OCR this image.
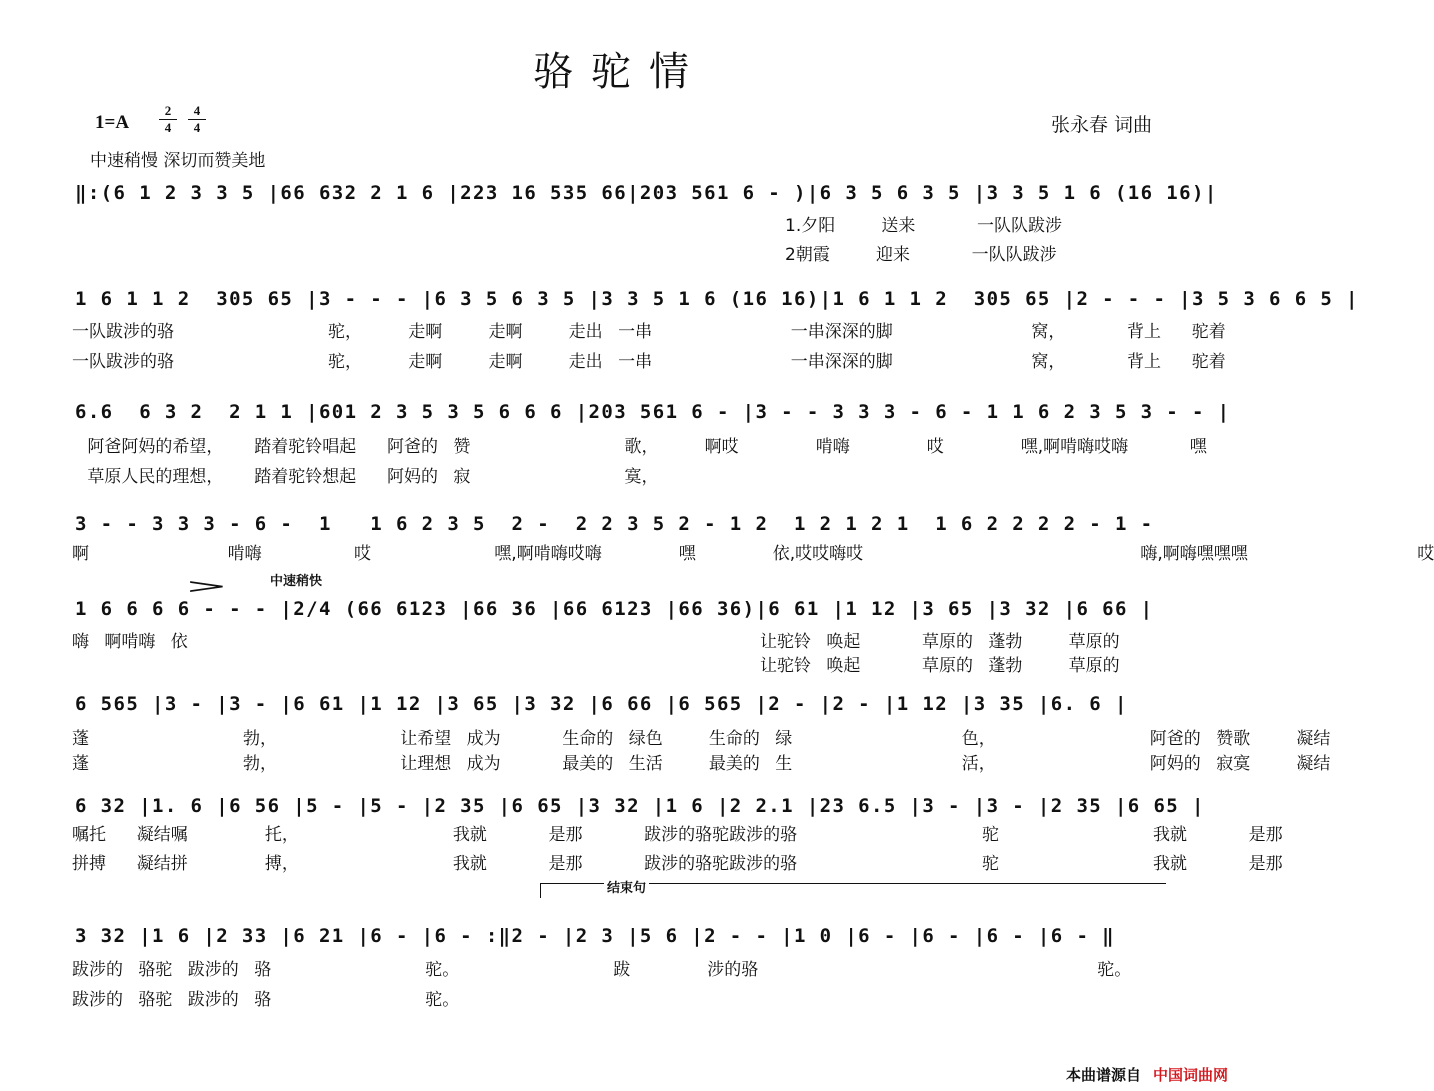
骆驼情
1=A
2
4
4
4	张永春 词曲
中速稍慢 深切而赞美地
中速稍快
>
结束句
‖:(6 1 2 3 3 5 |66 632 2 1 6 |223 16 535 66|203 561 6 - )|6 3 5 6 3 5 |3 3 5 1 6 (16 16)|
1.夕阳   送来    一队队跋涉
2朝霞   迎来    一队队跋涉
1 6 1 1 2  305 65 |3 - - - |6 3 5 6 3 5 |3 3 5 1 6 (16 16)|1 6 1 1 2  305 65 |2 - - - |3 5 3 6 6 5 |
一队跋涉的骆          驼，   走啊   走啊   走出 一串         一串深深的脚         窝，    背上  驼着
一队跋涉的骆          驼，   走啊   走啊   走出 一串         一串深深的脚         窝，    背上  驼着
6.6  6 3 2  2 1 1 |601 2 3 5 3 5 6 6 6 |203 561 6 - |3 - - 3 3 3 - 6 - 1 1 6 2 3 5 3 - - |
阿爸阿妈的希望，  踏着驼铃唱起  阿爸的 赞          歌，   啊哎     啃嗨     哎     嘿,啊啃嗨哎嗨    嘿
草原人民的理想，  踏着驼铃想起  阿妈的 寂          寞，
3 - - 3 3 3 - 6 -  1   1 6 2 3 5  2 -  2 2 3 5 2 - 1 2  1 2 1 2 1  1 6 2 2 2 2 - 1 -
啊         啃嗨      哎        嘿,啊啃嗨哎嗨     嘿     依,哎哎嗨哎                  嗨,啊嗨嘿嘿嘿           哎
1 6 6 6 6 - - - |2/4 (66 6123 |66 36 |66 6123 |66 36)|6 61 |1 12 |3 65 |3 32 |6 66 |
嗨 啊啃嗨 依	让驼铃 唤起    草原的 蓬勃   草原的
让驼铃 唤起    草原的 蓬勃   草原的
6 565 |3 - |3 - |6 61 |1 12 |3 65 |3 32 |6 66 |6 565 |2 - |2 - |1 12 |3 35 |6. 6 |
蓬          勃，        让希望 成为    生命的 绿色   生命的 绿           色，          阿爸的 赞歌   凝结
蓬          勃，        让理想 成为    最美的 生活   最美的 生           活，          阿妈的 寂寞   凝结
6 32 |1. 6 |6 56 |5 - |5 - |2 35 |6 65 |3 32 |1 6 |2 2.1 |23 6.5 |3 - |3 - |2 35 |6 65 |
嘱托  凝结嘱     托，          我就    是那    跋涉的骆驼跋涉的骆            驼          我就    是那
拼搏  凝结拼     搏，          我就    是那    跋涉的骆驼跋涉的骆            驼          我就    是那
3 32 |1 6 |2 33 |6 21 |6 - |6 - :‖2 - |2 3 |5 6 |2 - - |1 0 |6 - |6 - |6 - |6 - ‖
跋涉的 骆驼 跋涉的 骆          驼。          跋     涉的骆                      驼。
跋涉的 骆驼 跋涉的 骆          驼。
本曲谱源自 中国词曲网
